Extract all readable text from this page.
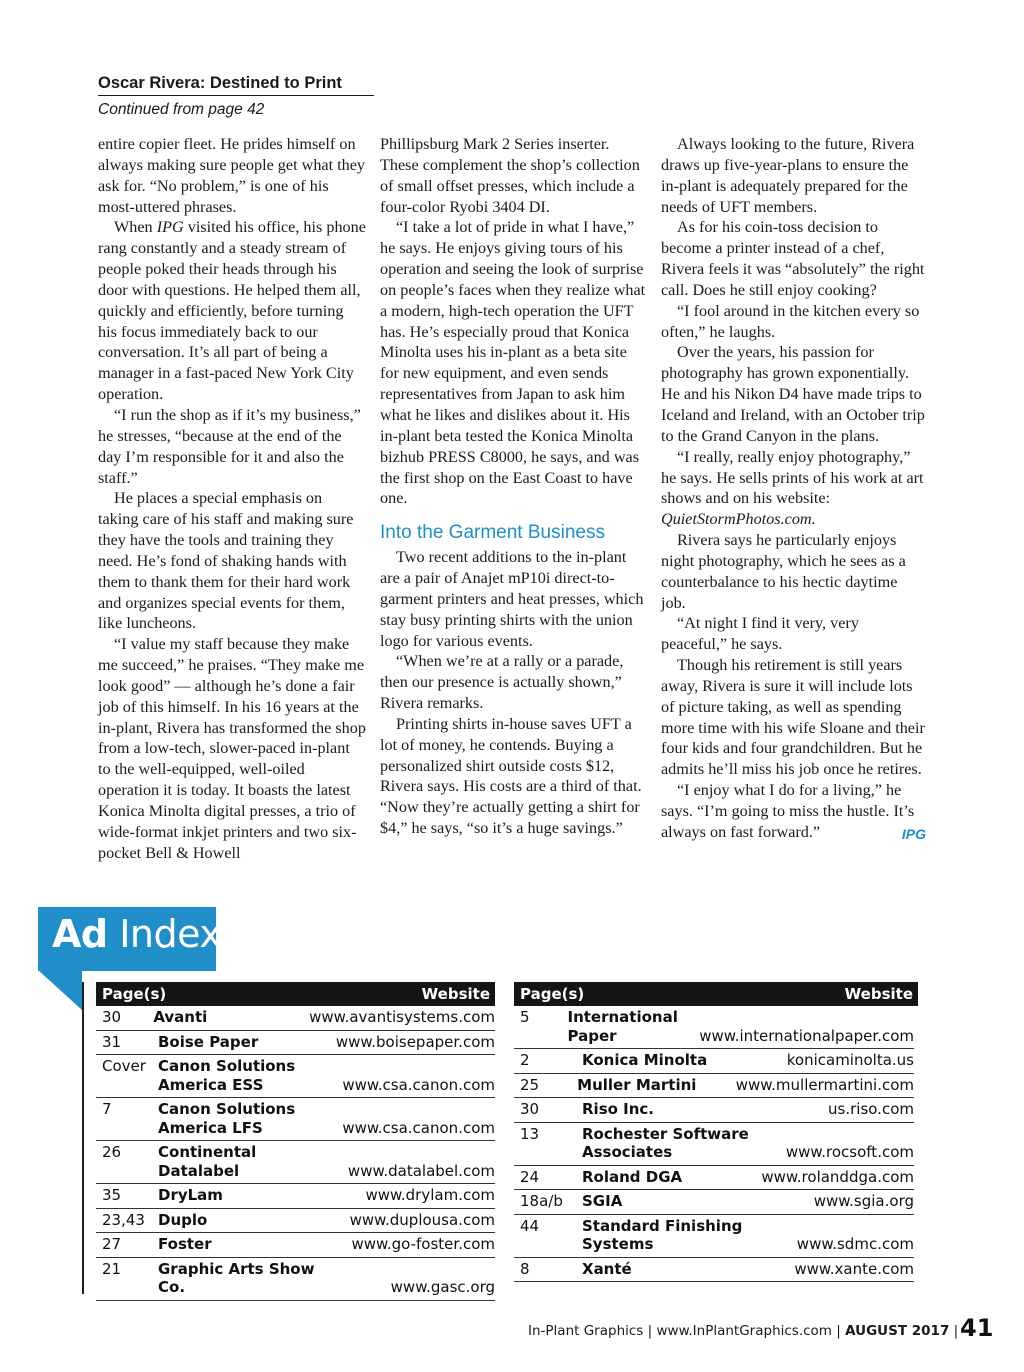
Oscar Rivera: Destined to Print
Continued from page 42

entire copier fleet. He prides himself on always making sure people get what they ask for. “No problem,” is one of his most-uttered phrases.

When IPG visited his office, his phone rang constantly and a steady stream of people poked their heads through his door with questions. He helped them all, quickly and efficiently, before turning his focus immediately back to our conversation. It’s all part of being a manager in a fast-paced New York City operation.

“I run the shop as if it’s my business,” he stresses, “because at the end of the day I’m responsible for it and also the staff.”

He places a special emphasis on taking care of his staff and making sure they have the tools and training they need. He’s fond of shaking hands with them to thank them for their hard work and organizes special events for them, like luncheons.

“I value my staff because they make me succeed,” he praises. “They make me look good” — although he’s done a fair job of this himself. In his 16 years at the in-plant, Rivera has transformed the shop from a low-tech, slower-paced in-plant to the well-equipped, well-oiled operation it is today. It boasts the latest Konica Minolta digital presses, a trio of wide-format inkjet printers and two six-pocket Bell & Howell

Phillipsburg Mark 2 Series inserter. These complement the shop’s collection of small offset presses, which include a four-color Ryobi 3404 DI.

“I take a lot of pride in what I have,” he says. He enjoys giving tours of his operation and seeing the look of surprise on people’s faces when they realize what a modern, high-tech operation the UFT has. He’s especially proud that Konica Minolta uses his in-plant as a beta site for new equipment, and even sends representatives from Japan to ask him what he likes and dislikes about it. His in-plant beta tested the Konica Minolta bizhub PRESS C8000, he says, and was the first shop on the East Coast to have one.

Into the Garment Business

Two recent additions to the in-plant are a pair of Anajet mP10i direct-to-garment printers and heat presses, which stay busy printing shirts with the union logo for various events.

“When we’re at a rally or a parade, then our presence is actually shown,” Rivera remarks.

Printing shirts in-house saves UFT a lot of money, he contends. Buying a personalized shirt outside costs $12, Rivera says. His costs are a third of that. “Now they’re actually getting a shirt for $4,” he says, “so it’s a huge savings.”

Always looking to the future, Rivera draws up five-year-plans to ensure the in-plant is adequately prepared for the needs of UFT members.

As for his coin-toss decision to become a printer instead of a chef, Rivera feels it was “absolutely” the right call. Does he still enjoy cooking?

“I fool around in the kitchen every so often,” he laughs.

Over the years, his passion for photography has grown exponentially. He and his Nikon D4 have made trips to Iceland and Ireland, with an October trip to the Grand Canyon in the plans.

“I really, really enjoy photography,” he says. He sells prints of his work at art shows and on his website: QuietStormPhotos.com.

Rivera says he particularly enjoys night photography, which he sees as a counterbalance to his hectic daytime job.

“At night I find it very, very peaceful,” he says.

Though his retirement is still years away, Rivera is sure it will include lots of picture taking, as well as spending more time with his wife Sloane and their four kids and four grandchildren. But he admits he’ll miss his job once he retires.

“I enjoy what I do for a living,” he says. “I’m going to miss the hustle. It’s always on fast forward.”	IPG

Ad Index
Page(s)	Website
30	Avanti	www.avantisystems.com
31	Boise Paper	www.boisepaper.com
Cover Canon Solutions America ESS	www.csa.canon.com
7	Canon Solutions America LFS	www.csa.canon.com
26	Continental Datalabel	www.datalabel.com
35	DryLam	www.drylam.com
23,43 Duplo	www.duplousa.com
27	Foster	www.go-foster.com
21	Graphic Arts Show Co.	www.gasc.org
Page(s)	Website
5	International Paper	www.internationalpaper.com
2	Konica Minolta	konicaminolta.us
25	Muller Martini	www.mullermartini.com
30	Riso Inc.	us.riso.com
13	Rochester Software Associates	www.rocsoft.com
24	Roland DGA	www.rolanddga.com
18a/b	SGIA	www.sgia.org
44	Standard Finishing Systems	www.sdmc.com
8	Xanté	www.xante.com
In-Plant Graphics | www.InPlantGraphics.com | AUGUST 2017 | 41
